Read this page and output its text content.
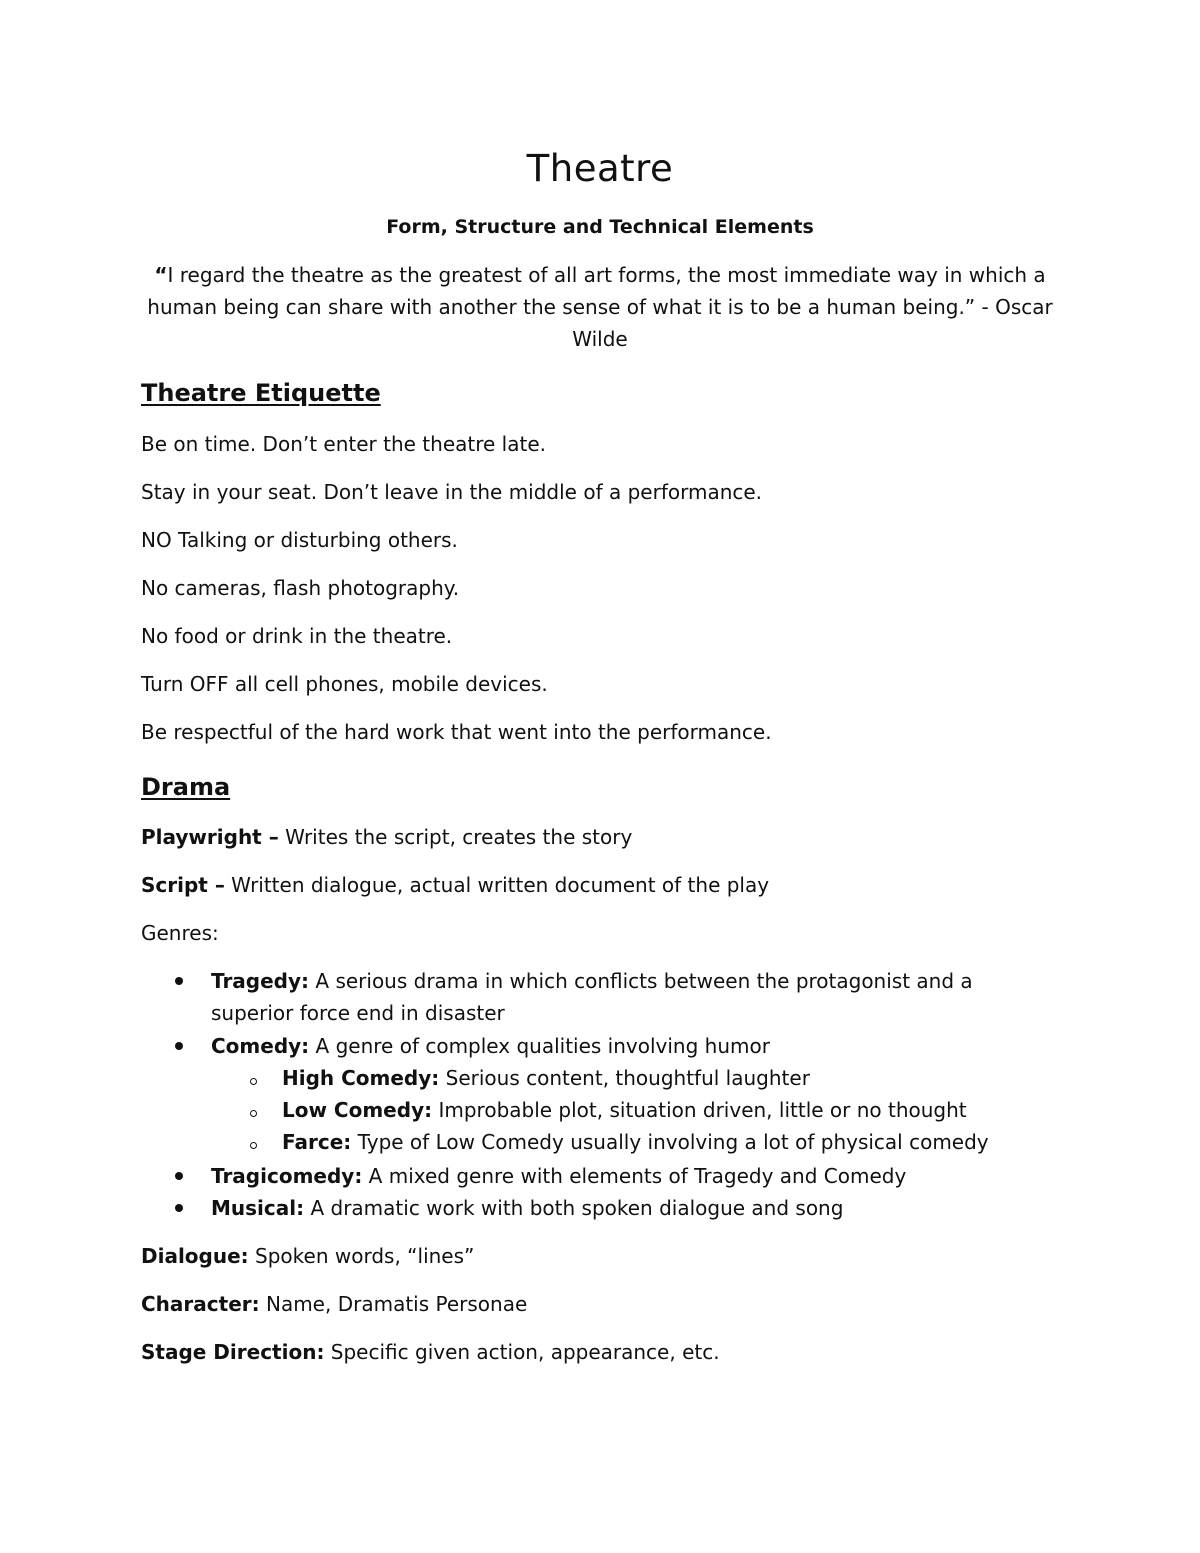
Theatre
Form, Structure and Technical Elements
“I regard the theatre as the greatest of all art forms, the most immediate way in which a
human being can share with another the sense of what it is to be a human being.” - Oscar
Wilde
Theatre Etiquette
Be on time. Don’t enter the theatre late.
Stay in your seat. Don’t leave in the middle of a performance.
NO Talking or disturbing others.
No cameras, flash photography.
No food or drink in the theatre.
Turn OFF all cell phones, mobile devices.
Be respectful of the hard work that went into the performance.
Drama
Playwright – Writes the script, creates the story
Script – Written dialogue, actual written document of the play
Genres:
Tragedy: A serious drama in which conflicts between the protagonist and a
superior force end in disaster
Comedy: A genre of complex qualities involving humor
High Comedy: Serious content, thoughtful laughter
Low Comedy: Improbable plot, situation driven, little or no thought
Farce: Type of Low Comedy usually involving a lot of physical comedy
Tragicomedy: A mixed genre with elements of Tragedy and Comedy
Musical: A dramatic work with both spoken dialogue and song
Dialogue: Spoken words, “lines”
Character: Name, Dramatis Personae
Stage Direction: Specific given action, appearance, etc.
